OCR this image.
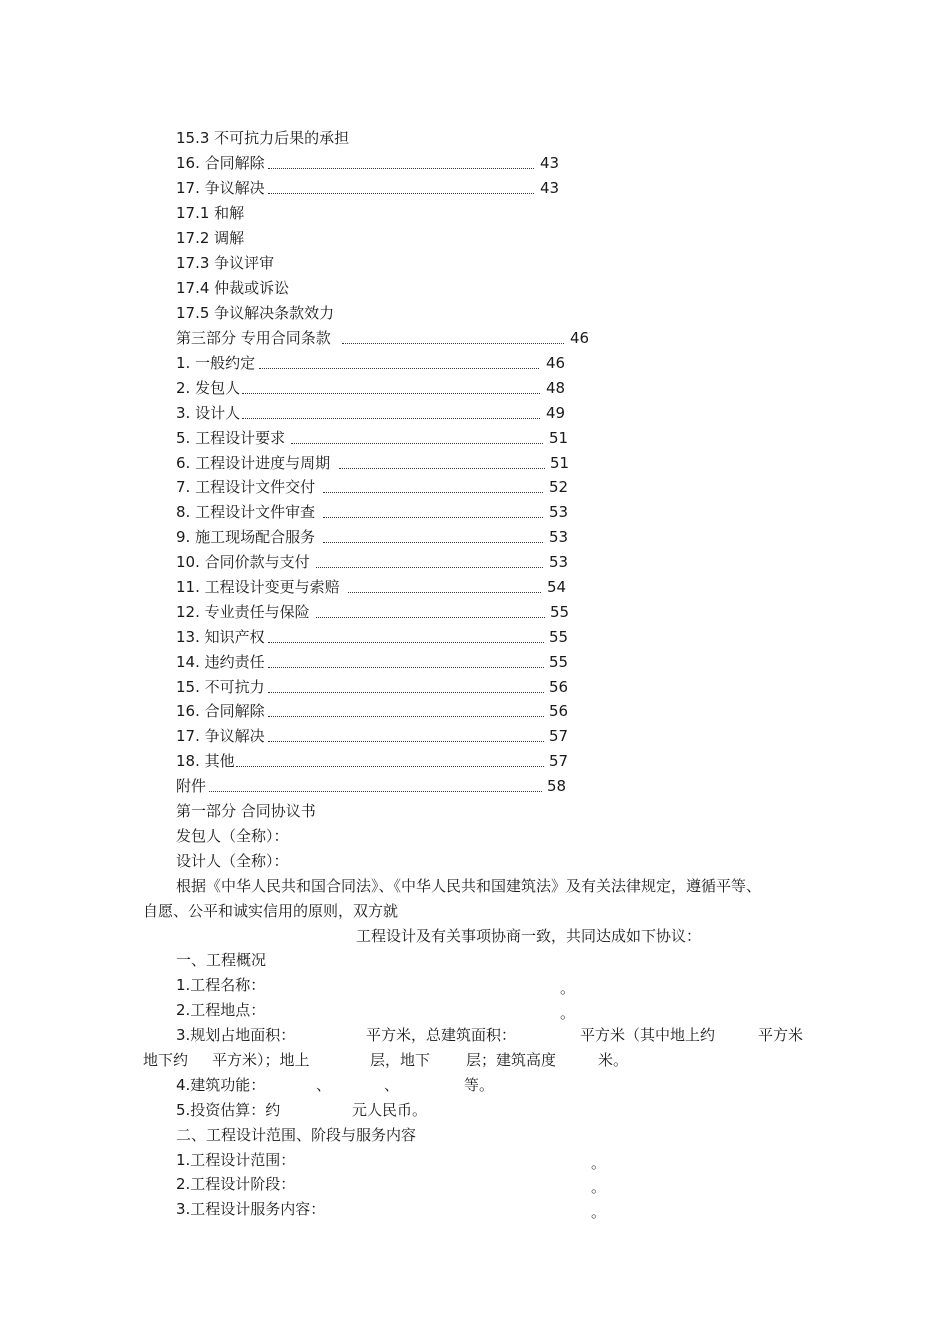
15.3 不可抗力后果的承担
16. 合同解除	43
17. 争议解决	43
17.1 和解
17.2 调解
17.3 争议评审
17.4 仲裁或诉讼
17.5 争议解决条款效力
第三部分 专用合同条款	46
1. 一般约定	46
2. 发包人	48
3. 设计人	49
5. 工程设计要求	51
6. 工程设计进度与周期	51
7. 工程设计文件交付	52
8. 工程设计文件审查	53
9. 施工现场配合服务	53
10. 合同价款与支付	53
11. 工程设计变更与索赔	54
12. 专业责任与保险	55
13. 知识产权	55
14. 违约责任	55
15. 不可抗力	56
16. 合同解除	56
17. 争议解决	57
18. 其他	57
附件	58
第一部分 合同协议书
发包人（全称）：
设计人（全称）：
根据《中华人民共和国合同法》、《中华人民共和国建筑法》及有关法律规定，遵循平等、
自愿、公平和诚实信用的原则，双方就
工程设计及有关事项协商一致，共同达成如下协议：
一、工程概况
1.工程名称：	。
2.工程地点：	。
3.规划占地面积：	平方米，总建筑面积：	平方米（其中地上约	平方米
地下约 平方米）；地上	层，地下 层；建筑高度	米。
4.建筑功能：	、	、	等。
5.投资估算：约	元人民币。
二、工程设计范围、阶段与服务内容
1.工程设计范围：	。
2.工程设计阶段：	。
3.工程设计服务内容：	。
